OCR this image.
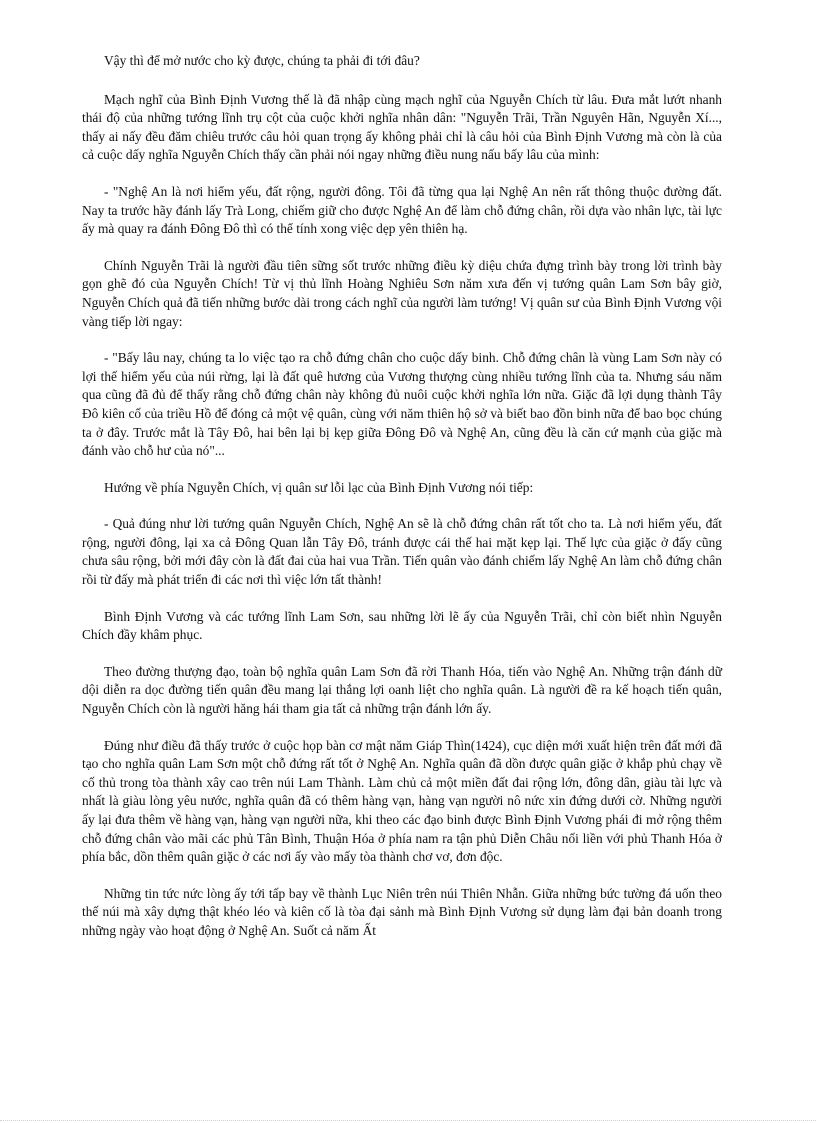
Vậy thì để mở nước cho kỳ được, chúng ta phải đi tới đâu?

Mạch nghĩ của Bình Định Vương thế là đã nhập cùng mạch nghĩ của Nguyễn Chích từ lâu. Đưa mắt lướt nhanh thái độ của những tướng lĩnh trụ cột của cuộc khởi nghĩa nhân dân: "Nguyễn Trãi, Trần Nguyên Hãn, Nguyễn Xí..., thấy ai nấy đều đăm chiêu trước câu hỏi quan trọng ấy không phải chỉ là câu hỏi của Bình Định Vương mà còn là của cả cuộc dấy nghĩa Nguyễn Chích thấy cần phải nói ngay những điều nung nấu bấy lâu của mình:

- "Nghệ An là nơi hiểm yếu, đất rộng, người đông. Tôi đã từng qua lại Nghệ An nên rất thông thuộc đường đất. Nay ta trước hãy đánh lấy Trà Long, chiếm giữ cho được Nghệ An để làm chỗ đứng chân, rồi dựa vào nhân lực, tài lực ấy mà quay ra đánh Đông Đô thì có thể tính xong việc dẹp yên thiên hạ.

Chính Nguyễn Trãi là người đầu tiên sững sốt trước những điều kỳ diệu chứa đựng trình bày trong lời trình bày gọn ghẽ đó của Nguyễn Chích! Từ vị thủ lĩnh Hoàng Nghiêu Sơn năm xưa đến vị tướng quân Lam Sơn bây giờ, Nguyễn Chích quả đã tiến những bước dài trong cách nghĩ của người làm tướng! Vị quân sư của Bình Định Vương vội vàng tiếp lời ngay:

- "Bấy lâu nay, chúng ta lo việc tạo ra chỗ đứng chân cho cuộc dấy binh. Chỗ đứng chân là vùng Lam Sơn này có lợi thế hiểm yếu của núi rừng, lại là đất quê hương của Vương thượng cùng nhiều tướng lĩnh của ta. Nhưng sáu năm qua cũng đã đủ để thấy rằng chỗ đứng chân này không đủ nuôi cuộc khởi nghĩa lớn nữa. Giặc đã lợi dụng thành Tây Đô kiên cố của triều Hồ để đóng cả một vệ quân, cùng với năm thiên hộ sở và biết bao đồn binh nữa để bao bọc chúng ta ở đây. Trước mắt là Tây Đô, hai bên lại bị kẹp giữa Đông Đô và Nghệ An, cũng đều là căn cứ mạnh của giặc mà đánh vào chỗ hư của nó"...

Hướng về phía Nguyễn Chích, vị quân sư lỗi lạc của Bình Định Vương nói tiếp:

- Quả đúng như lời tướng quân Nguyễn Chích, Nghệ An sẽ là chỗ đứng chân rất tốt cho ta. Là nơi hiểm yếu, đất rộng, người đông, lại xa cả Đông Quan lẫn Tây Đô, tránh được cái thế hai mặt kẹp lại. Thế lực của giặc ở đấy cũng chưa sâu rộng, bởi mới đây còn là đất đai của hai vua Trần. Tiến quân vào đánh chiếm lấy Nghệ An làm chỗ đứng chân rồi từ đấy mà phát triển đi các nơi thì việc lớn tất thành!

Bình Định Vương và các tướng lĩnh Lam Sơn, sau những lời lẽ ấy của Nguyễn Trãi, chỉ còn biết nhìn Nguyễn Chích đầy khâm phục.

Theo đường thượng đạo, toàn bộ nghĩa quân Lam Sơn đã rời Thanh Hóa, tiến vào Nghệ An. Những trận đánh dữ dội diễn ra dọc đường tiến quân đều mang lại thắng lợi oanh liệt cho nghĩa quân. Là người đề ra kế hoạch tiến quân, Nguyễn Chích còn là người hăng hái tham gia tất cả những trận đánh lớn ấy.

Đúng như điều đã thấy trước ở cuộc họp bàn cơ mật năm Giáp Thìn(1424), cục diện mới xuất hiện trên đất mới đã tạo cho nghĩa quân Lam Sơn một chỗ đứng rất tốt ở Nghệ An. Nghĩa quân đã dồn được quân giặc ở khắp phủ chạy về cố thủ trong tòa thành xây cao trên núi Lam Thành. Làm chủ cả một miền đất đai rộng lớn, đông dân, giàu tài lực và nhất là giàu lòng yêu nước, nghĩa quân đã có thêm hàng vạn, hàng vạn người nô nức xin đứng dưới cờ. Những người ấy lại đưa thêm về hàng vạn, hàng vạn người nữa, khi theo các đạo binh được Bình Định Vương phái đi mở rộng thêm chỗ đứng chân vào mãi các phủ Tân Bình, Thuận Hóa ở phía nam ra tận phủ Diễn Châu nối liền với phủ Thanh Hóa ở phía bắc, dồn thêm quân giặc ở các nơi ấy vào mấy tòa thành chơ vơ, đơn độc.

Những tin tức nức lòng ấy tới tấp bay về thành Lục Niên trên núi Thiên Nhẫn. Giữa những bức tường đá uốn theo thế núi mà xây dựng thật khéo léo và kiên cố là tòa đại sảnh mà Bình Định Vương sử dụng làm đại bản doanh trong những ngày vào hoạt động ở Nghệ An. Suốt cả năm Ất
